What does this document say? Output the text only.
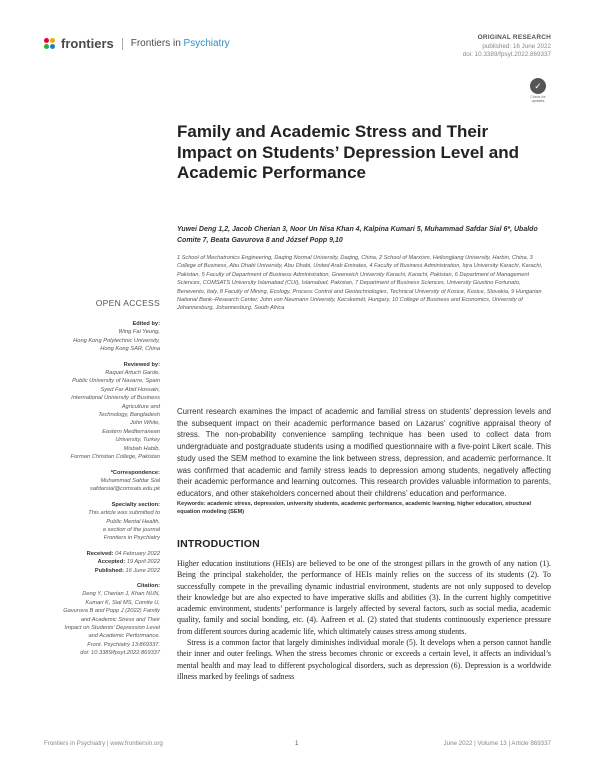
frontiers Frontiers in Psychiatry
ORIGINAL RESEARCH
published: 16 June 2022
doi: 10.3389/fpsyt.2022.869337
✓
Check for updates
Family and Academic Stress and Their Impact on Students’ Depression Level and Academic Performance
Yuwei Deng 1,2, Jacob Cherian 3, Noor Un Nisa Khan 4, Kalpina Kumari 5, Muhammad Safdar Sial 6*, Ubaldo Comite 7, Beata Gavurova 8 and József Popp 9,10
1 School of Mechatronics Engineering, Daqing Normal University, Daqing, China, 2 School of Marxism, Heilongjiang University, Harbin, China, 3 College of Business, Abu Dhabi University, Abu Dhabi, United Arab Emirates, 4 Faculty of Business Administration, Iqra University Karachi, Karachi, Pakistan, 5 Faculty of Department of Business Administration, Greenwich University Karachi, Karachi, Pakistan, 6 Department of Management Sciences, COMSATS University Islamabad (CUI), Islamabad, Pakistan, 7 Department of Business Sciences, University Giustino Fortunato, Benevento, Italy, 8 Faculty of Mining, Ecology, Process Control and Geotechnologies, Technical University of Kosice, Kosice, Slovakia, 9 Hungarian National Bank–Research Center, John von Neumann University, Kecskemét, Hungary, 10 College of Business and Economics, University of Johannesburg, Johannesburg, South Africa
OPEN ACCESS
Edited by:
Wing Fai Yeung,
Hong Kong Polytechnic University,
Hong Kong SAR, China
Reviewed by:
Raquel Artuch Garde,
Public University of Navarre, Spain
Syed Far Abid Hossain,
International University of Business
Agriculture and
Technology, Bangladesh
John White,
Eastern Mediterranean
University, Turkey
Misbah Habib,
Forman Christian College, Pakistan
*Correspondence:
Muhammad Safdar Sial
safdarsial@comsats.edu.pk
Specialty section:
This article was submitted to
Public Mental Health,
a section of the journal
Frontiers in Psychiatry
Received: 04 February 2022
Accepted: 19 April 2022
Published: 16 June 2022
Citation:
Deng Y, Cherian J, Khan NUN,
Kumari K, Sial MS, Comite U,
Gavurova B and Popp J (2022) Family
and Academic Stress and Their
Impact on Students’ Depression Level
and Academic Performance.
Front. Psychiatry 13:869337.
doi: 10.3389/fpsyt.2022.869337

Current research examines the impact of academic and familial stress on students’ depression levels and the subsequent impact on their academic performance based on Lazarus’ cognitive appraisal theory of stress. The non-probability convenience sampling technique has been used to collect data from undergraduate and postgraduate students using a modified questionnaire with a five-point Likert scale. This study used the SEM method to examine the link between stress, depression, and academic performance. It was confirmed that academic and family stress leads to depression among students, negatively affecting their academic performance and learning outcomes. This research provides valuable information to parents, educators, and other stakeholders concerned about their childrens’ education and performance.

Keywords: academic stress, depression, university students, academic performance, academic learning, higher education, structural equation modeling (SEM)
INTRODUCTION

Higher education institutions (HEIs) are believed to be one of the strongest pillars in the growth of any nation (1). Being the principal stakeholder, the performance of HEIs mainly relies on the success of its students (2). To successfully compete in the prevailing dynamic industrial environment, students are not only supposed to develop their knowledge but are also expected to have imperative skills and abilities (3). In the current highly competitive academic environment, students’ performance is largely affected by several factors, such as social media, academic quality, family and social bonding, etc. (4). Aafreen et al. (2) stated that students continuously experience pressure from different sources during academic life, which ultimately causes stress among students.

Stress is a common factor that largely diminishes individual morale (5). It develops when a person cannot handle their inner and outer feelings. When the stress becomes chronic or exceeds a certain level, it affects an individual’s mental health and may lead to different psychological disorders, such as depression (6). Depression is a worldwide illness marked by feelings of sadness

Frontiers in Psychiatry | www.frontiersin.org	1	June 2022 | Volume 13 | Article 869337
